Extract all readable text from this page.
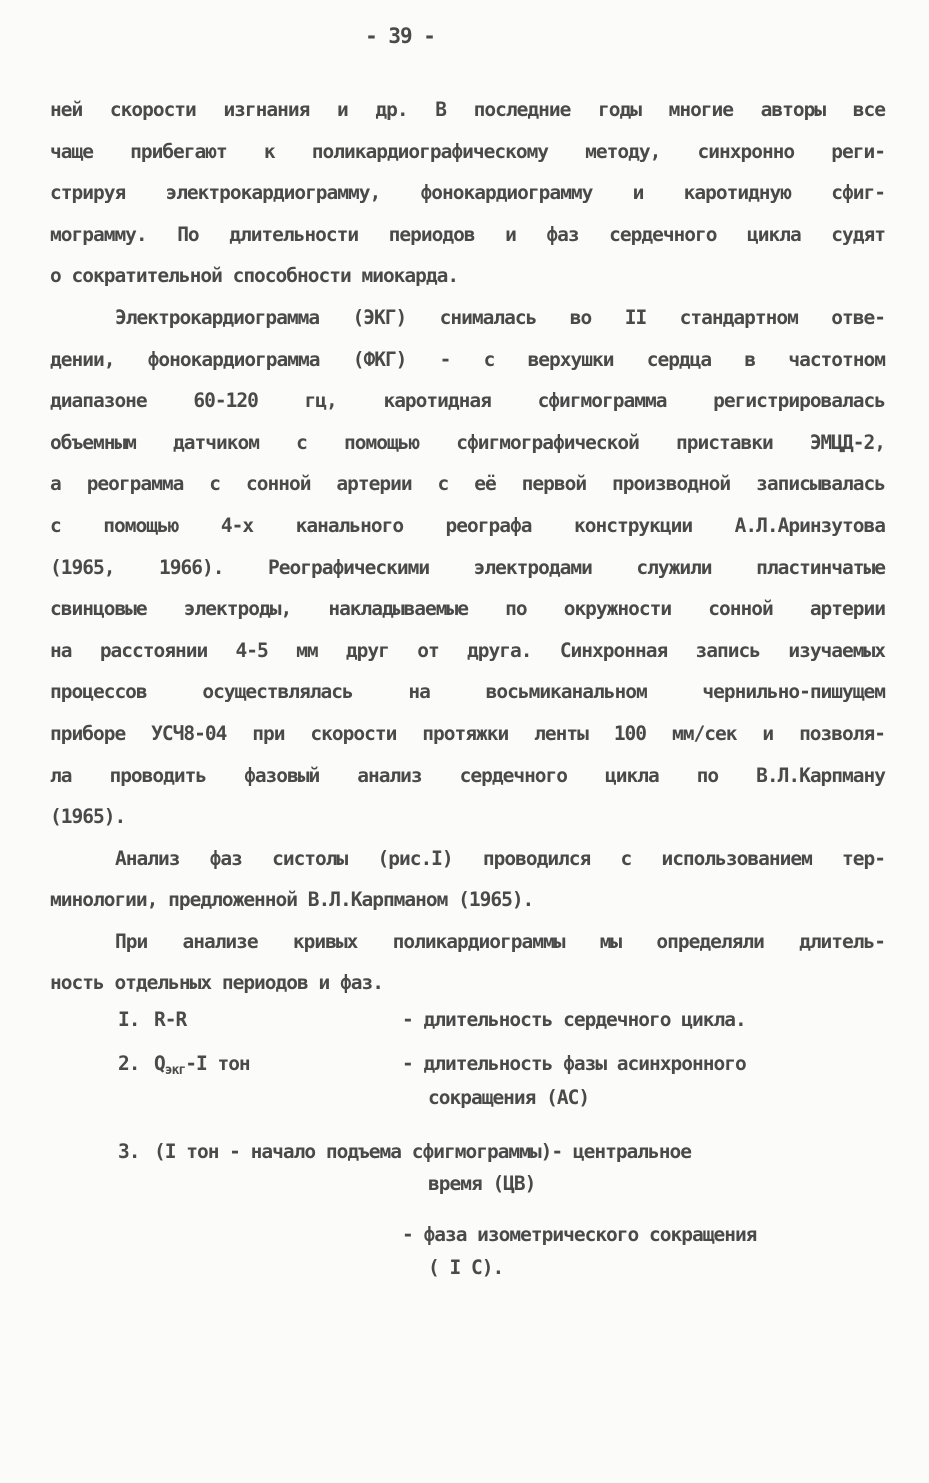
- 39 -
ней скорости изгнания и др. В последние годы многие авторы все
чаще прибегают к поликардиографическому методу, синхронно реги-
стрируя электрокардиограмму, фонокардиограмму и каротидную сфиг-
мограмму. По длительности периодов и фаз сердечного цикла судят
о сократительной способности миокарда.
Электрокардиограмма (ЭКГ) снималась во II стандартном отве-
дении, фонокардиограмма (ФКГ) - с верхушки сердца в частотном
диапазоне 60-120 гц, каротидная сфигмограмма регистрировалась
объемным датчиком с помощью сфигмографической приставки ЭМЦД-2,
а реограмма с сонной артерии с её первой производной записывалась
с помощью 4-х канального реографа конструкции А.Л.Аринзутова
(1965, 1966). Реографическими электродами служили пластинчатые
свинцовые электроды, накладываемые по окружности сонной артерии
на расстоянии 4-5 мм друг от друга. Синхронная запись изучаемых
процессов осуществлялась на восьмиканальном чернильно-пишущем
приборе УСЧ8-04 при скорости протяжки ленты 100 мм/сек и позволя-
ла проводить фазовый анализ сердечного цикла по В.Л.Карпману
(1965).
Анализ фаз систолы (рис.I) проводился с использованием тер-
минологии, предложенной В.Л.Карпманом (1965).
При анализе кривых поликардиограммы мы определяли длитель-
ность отдельных периодов и фаз.
I. R-R	- длительность сердечного цикла.
2. $Q_{экг}-I$ тон	- длительность фазы асинхронного
сокращения (АС)
3. (I тон - начало подъема сфигмограммы)- центральное
время (ЦВ)
- фаза изометрического сокращения
( I C).
